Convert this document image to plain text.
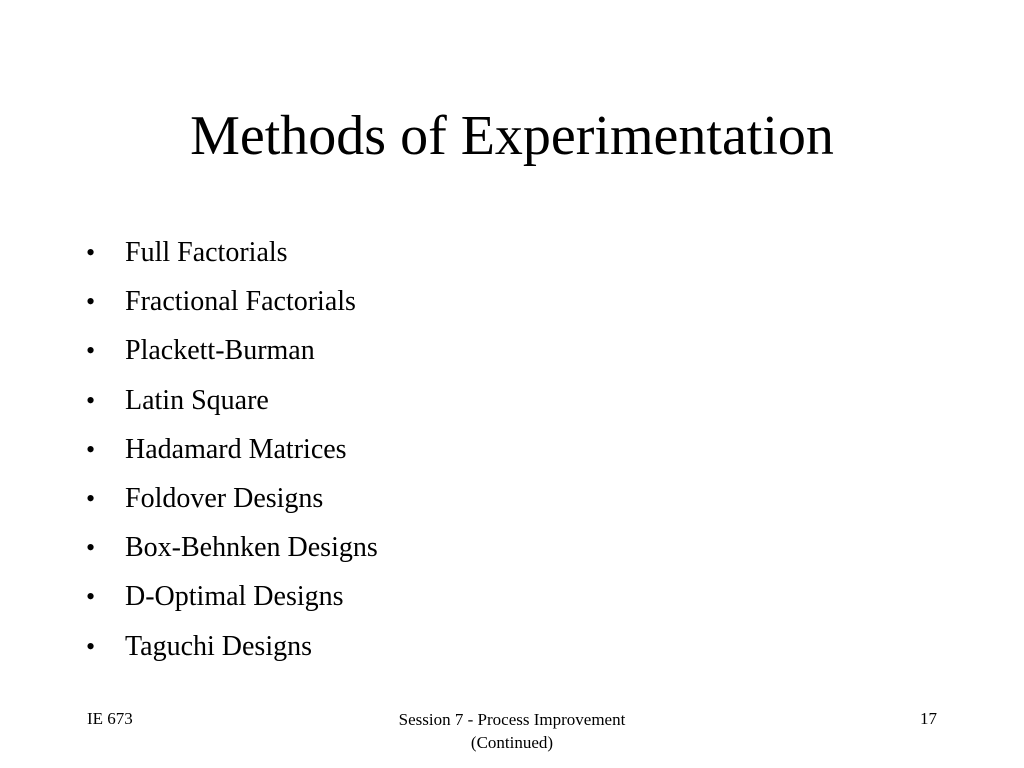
Methods of Experimentation
•	Full Factorials
•	Fractional Factorials
•	Plackett-Burman
•	Latin Square
•	Hadamard Matrices
•	Foldover Designs
•	Box-Behnken Designs
•	D-Optimal Designs
•	Taguchi Designs
IE 673	Session 7 - Process Improvement
(Continued)
17
